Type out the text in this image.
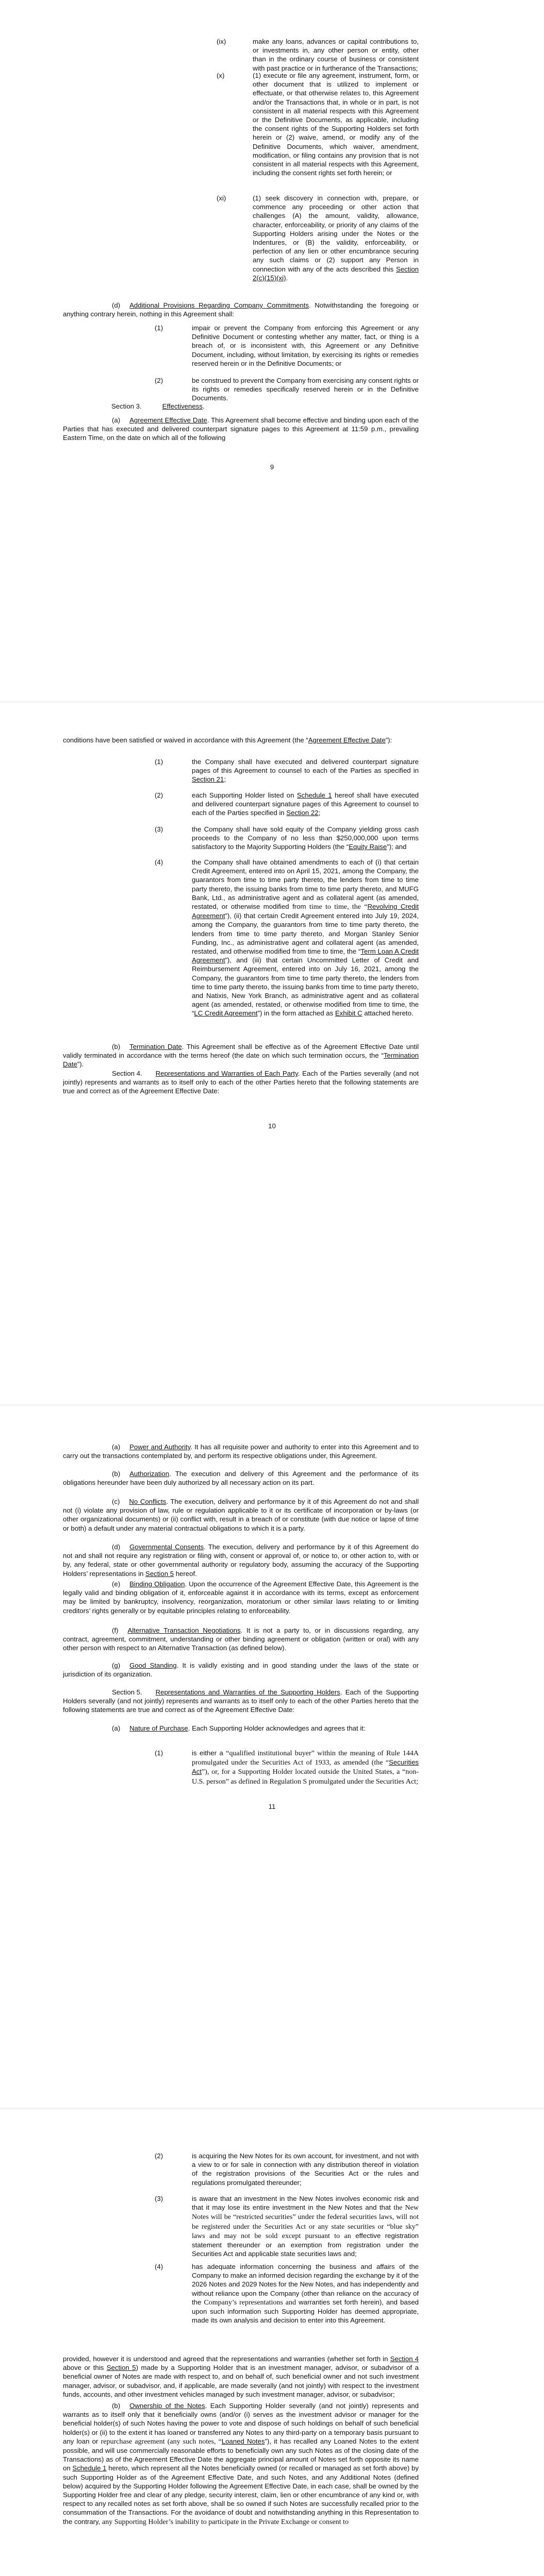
(ix)	make any loans, advances or capital contributions to, or investments in, any other person or entity, other than in the ordinary course of business or consistent with past practice or in furtherance of the Transactions;
(x)	(1) execute or file any agreement, instrument, form, or other document that is utilized to implement or effectuate, or that otherwise relates to, this Agreement and/or the Transactions that, in whole or in part, is not consistent in all material respects with this Agreement or the Definitive Documents, as applicable, including the consent rights of the Supporting Holders set forth herein or (2) waive, amend, or modify any of the Definitive Documents, which waiver, amendment, modification, or filing contains any provision that is not consistent in all material respects with this Agreement, including the consent rights set forth herein; or
(xi)	(1) seek discovery in connection with, prepare, or commence any proceeding or other action that challenges (A) the amount, validity, allowance, character, enforceability, or priority of any claims of the Supporting Holders arising under the Notes or the Indentures, or (B) the validity, enforceability, or perfection of any lien or other encumbrance securing any such claims or (2) support any Person in connection with any of the acts described this Section 2(c)(15)(xi).
(d) Additional Provisions Regarding Company Commitments. Notwithstanding the foregoing or anything contrary herein, nothing in this Agreement shall:
(1)	impair or prevent the Company from enforcing this Agreement or any Definitive Document or contesting whether any matter, fact, or thing is a breach of, or is inconsistent with, this Agreement or any Definitive Document, including, without limitation, by exercising its rights or remedies reserved herein or in the Definitive Documents; or
(2)	be construed to prevent the Company from exercising any consent rights or its rights or remedies specifically reserved herein or in the Definitive Documents.
Section 3.	Effectiveness.
(a) Agreement Effective Date. This Agreement shall become effective and binding upon each of the Parties that has executed and delivered counterpart signature pages to this Agreement at 11:59 p.m., prevailing Eastern Time, on the date on which all of the following
9
conditions have been satisfied or waived in accordance with this Agreement (the “Agreement Effective Date”):
(1)	the Company shall have executed and delivered counterpart signature pages of this Agreement to counsel to each of the Parties as specified in Section 21;
(2)	each Supporting Holder listed on Schedule 1 hereof shall have executed and delivered counterpart signature pages of this Agreement to counsel to each of the Parties specified in Section 22;
(3)	the Company shall have sold equity of the Company yielding gross cash proceeds to the Company of no less than $250,000,000 upon terms satisfactory to the Majority Supporting Holders (the “Equity Raise”); and
(4)	the Company shall have obtained amendments to each of (i) that certain Credit Agreement, entered into on April 15, 2021, among the Company, the guarantors from time to time party thereto, the lenders from time to time party thereto, the issuing banks from time to time party thereto, and MUFG Bank, Ltd., as administrative agent and as collateral agent (as amended, restated, or otherwise modified from time to time, the “Revolving Credit Agreement”), (ii) that certain Credit Agreement entered into July 19, 2024, among the Company, the guarantors from time to time party thereto, the lenders from time to time party thereto, and Morgan Stanley Senior Funding, Inc., as administrative agent and collateral agent (as amended, restated, and otherwise modified from time to time, the “Term Loan A Credit Agreement”), and (iii) that certain Uncommitted Letter of Credit and Reimbursement Agreement, entered into on July 16, 2021, among the Company, the guarantors from time to time party thereto, the lenders from time to time party thereto, the issuing banks from time to time party thereto, and Natixis, New York Branch, as administrative agent and as collateral agent (as amended, restated, or otherwise modified from time to time, the “LC Credit Agreement”) in the form attached as Exhibit C attached hereto.
(b) Termination Date. This Agreement shall be effective as of the Agreement Effective Date until validly terminated in accordance with the terms hereof (the date on which such termination occurs, the “Termination Date”).
Section 4. Representations and Warranties of Each Party. Each of the Parties severally (and not jointly) represents and warrants as to itself only to each of the other Parties hereto that the following statements are true and correct as of the Agreement Effective Date:
10
(a) Power and Authority. It has all requisite power and authority to enter into this Agreement and to carry out the transactions contemplated by, and perform its respective obligations under, this Agreement.
(b) Authorization. The execution and delivery of this Agreement and the performance of its obligations hereunder have been duly authorized by all necessary action on its part.
(c) No Conflicts. The execution, delivery and performance by it of this Agreement do not and shall not (i) violate any provision of law, rule or regulation applicable to it or its certificate of incorporation or by-laws (or other organizational documents) or (ii) conflict with, result in a breach of or constitute (with due notice or lapse of time or both) a default under any material contractual obligations to which it is a party.
(d) Governmental Consents. The execution, delivery and performance by it of this Agreement do not and shall not require any registration or filing with, consent or approval of, or notice to, or other action to, with or by, any federal, state or other governmental authority or regulatory body, assuming the accuracy of the Supporting Holders’ representations in Section 5 hereof.
(e) Binding Obligation. Upon the occurrence of the Agreement Effective Date, this Agreement is the legally valid and binding obligation of it, enforceable against it in accordance with its terms, except as enforcement may be limited by bankruptcy, insolvency, reorganization, moratorium or other similar laws relating to or limiting creditors’ rights generally or by equitable principles relating to enforceability.
(f) Alternative Transaction Negotiations. It is not a party to, or in discussions regarding, any contract, agreement, commitment, understanding or other binding agreement or obligation (written or oral) with any other person with respect to an Alternative Transaction (as defined below).
(g) Good Standing. It is validly existing and in good standing under the laws of the state or jurisdiction of its organization.
Section 5. Representations and Warranties of the Supporting Holders. Each of the Supporting Holders severally (and not jointly) represents and warrants as to itself only to each of the other Parties hereto that the following statements are true and correct as of the Agreement Effective Date:
(a) Nature of Purchase. Each Supporting Holder acknowledges and agrees that it:
(1)	is either a “qualified institutional buyer” within the meaning of Rule 144A promulgated under the Securities Act of 1933, as amended (the “Securities Act”), or, for a Supporting Holder located outside the United States, a “non-U.S. person” as defined in Regulation S promulgated under the Securities Act;
11
(2)	is acquiring the New Notes for its own account, for investment, and not with a view to or for sale in connection with any distribution thereof in violation of the registration provisions of the Securities Act or the rules and regulations promulgated thereunder;
(3)	is aware that an investment in the New Notes involves economic risk and that it may lose its entire investment in the New Notes and that the New Notes will be “restricted securities” under the federal securities laws, will not be registered under the Securities Act or any state securities or “blue sky” laws and may not be sold except pursuant to an effective registration statement thereunder or an exemption from registration under the Securities Act and applicable state securities laws and;
(4)	has adequate information concerning the business and affairs of the Company to make an informed decision regarding the exchange by it of the 2026 Notes and 2029 Notes for the New Notes, and has independently and without reliance upon the Company (other than reliance on the accuracy of the Company’s representations and warranties set forth herein), and based upon such information such Supporting Holder has deemed appropriate, made its own analysis and decision to enter into this Agreement.
provided, however it is understood and agreed that the representations and warranties (whether set forth in Section 4 above or this Section 5) made by a Supporting Holder that is an investment manager, advisor, or subadvisor of a beneficial owner of Notes are made with respect to, and on behalf of, such beneficial owner and not such investment manager, advisor, or subadvisor, and, if applicable, are made severally (and not jointly) with respect to the investment funds, accounts, and other investment vehicles managed by such investment manager, advisor, or subadvisor;
(b) Ownership of the Notes. Each Supporting Holder severally (and not jointly) represents and warrants as to itself only that it beneficially owns (and/or (i) serves as the investment advisor or manager for the beneficial holder(s) of such Notes having the power to vote and dispose of such holdings on behalf of such beneficial holder(s) or (ii) to the extent it has loaned or transferred any Notes to any third-party on a temporary basis pursuant to any loan or repurchase agreement (any such notes, “Loaned Notes”), it has recalled any Loaned Notes to the extent possible, and will use commercially reasonable efforts to beneficially own any such Notes as of the closing date of the Transactions) as of the Agreement Effective Date the aggregate principal amount of Notes set forth opposite its name on Schedule 1 hereto, which represent all the Notes beneficially owned (or recalled or managed as set forth above) by such Supporting Holder as of the Agreement Effective Date, and such Notes, and any Additional Notes (defined below) acquired by the Supporting Holder following the Agreement Effective Date, in each case, shall be owned by the Supporting Holder free and clear of any pledge, security interest, claim, lien or other encumbrance of any kind or, with respect to any recalled notes as set forth above, shall be so owned if such Notes are successfully recalled prior to the consummation of the Transactions. For the avoidance of doubt and notwithstanding anything in this Representation to the contrary, any Supporting Holder’s inability to participate in the Private Exchange or consent to
